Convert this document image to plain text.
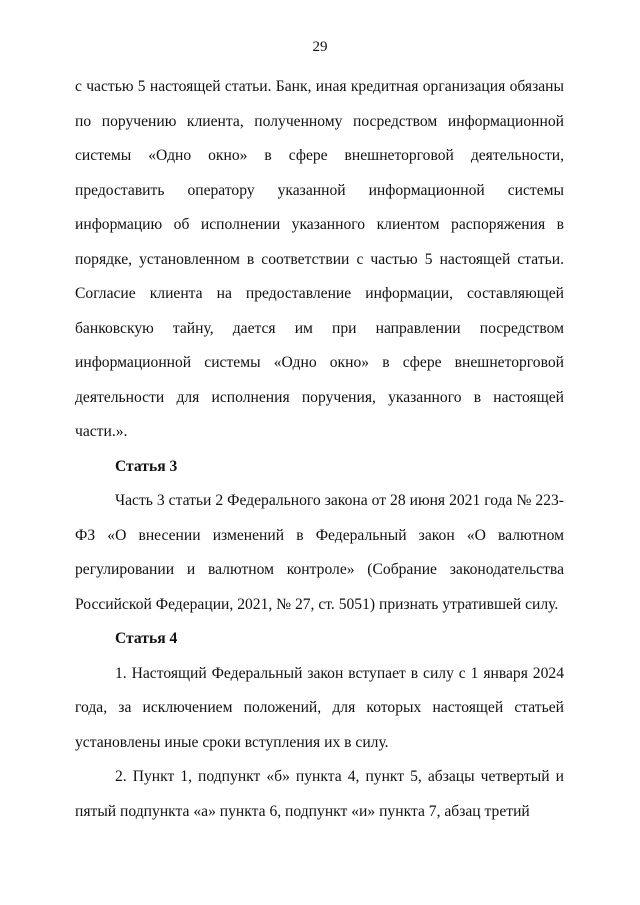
29

с частью 5 настоящей статьи. Банк, иная кредитная организация обязаны по поручению клиента, полученному посредством информационной системы «Одно окно» в сфере внешнеторговой деятельности, предоставить оператору указанной информационной системы информацию об исполнении указанного клиентом распоряжения в порядке, установленном в соответствии с частью 5 настоящей статьи. Согласие клиента на предоставление информации, составляющей банковскую тайну, дается им при направлении посредством информационной системы «Одно окно» в сфере внешнеторговой деятельности для исполнения поручения, указанного в настоящей части.».

Статья 3

Часть 3 статьи 2 Федерального закона от 28 июня 2021 года № 223-ФЗ «О внесении изменений в Федеральный закон «О валютном регулировании и валютном контроле» (Собрание законодательства Российской Федерации, 2021, № 27, ст. 5051) признать утратившей силу.

Статья 4

1. Настоящий Федеральный закон вступает в силу с 1 января 2024 года, за исключением положений, для которых настоящей статьей установлены иные сроки вступления их в силу.

2. Пункт 1, подпункт «б» пункта 4, пункт 5, абзацы четвертый и пятый подпункта «а» пункта 6, подпункт «и» пункта 7, абзац третий
